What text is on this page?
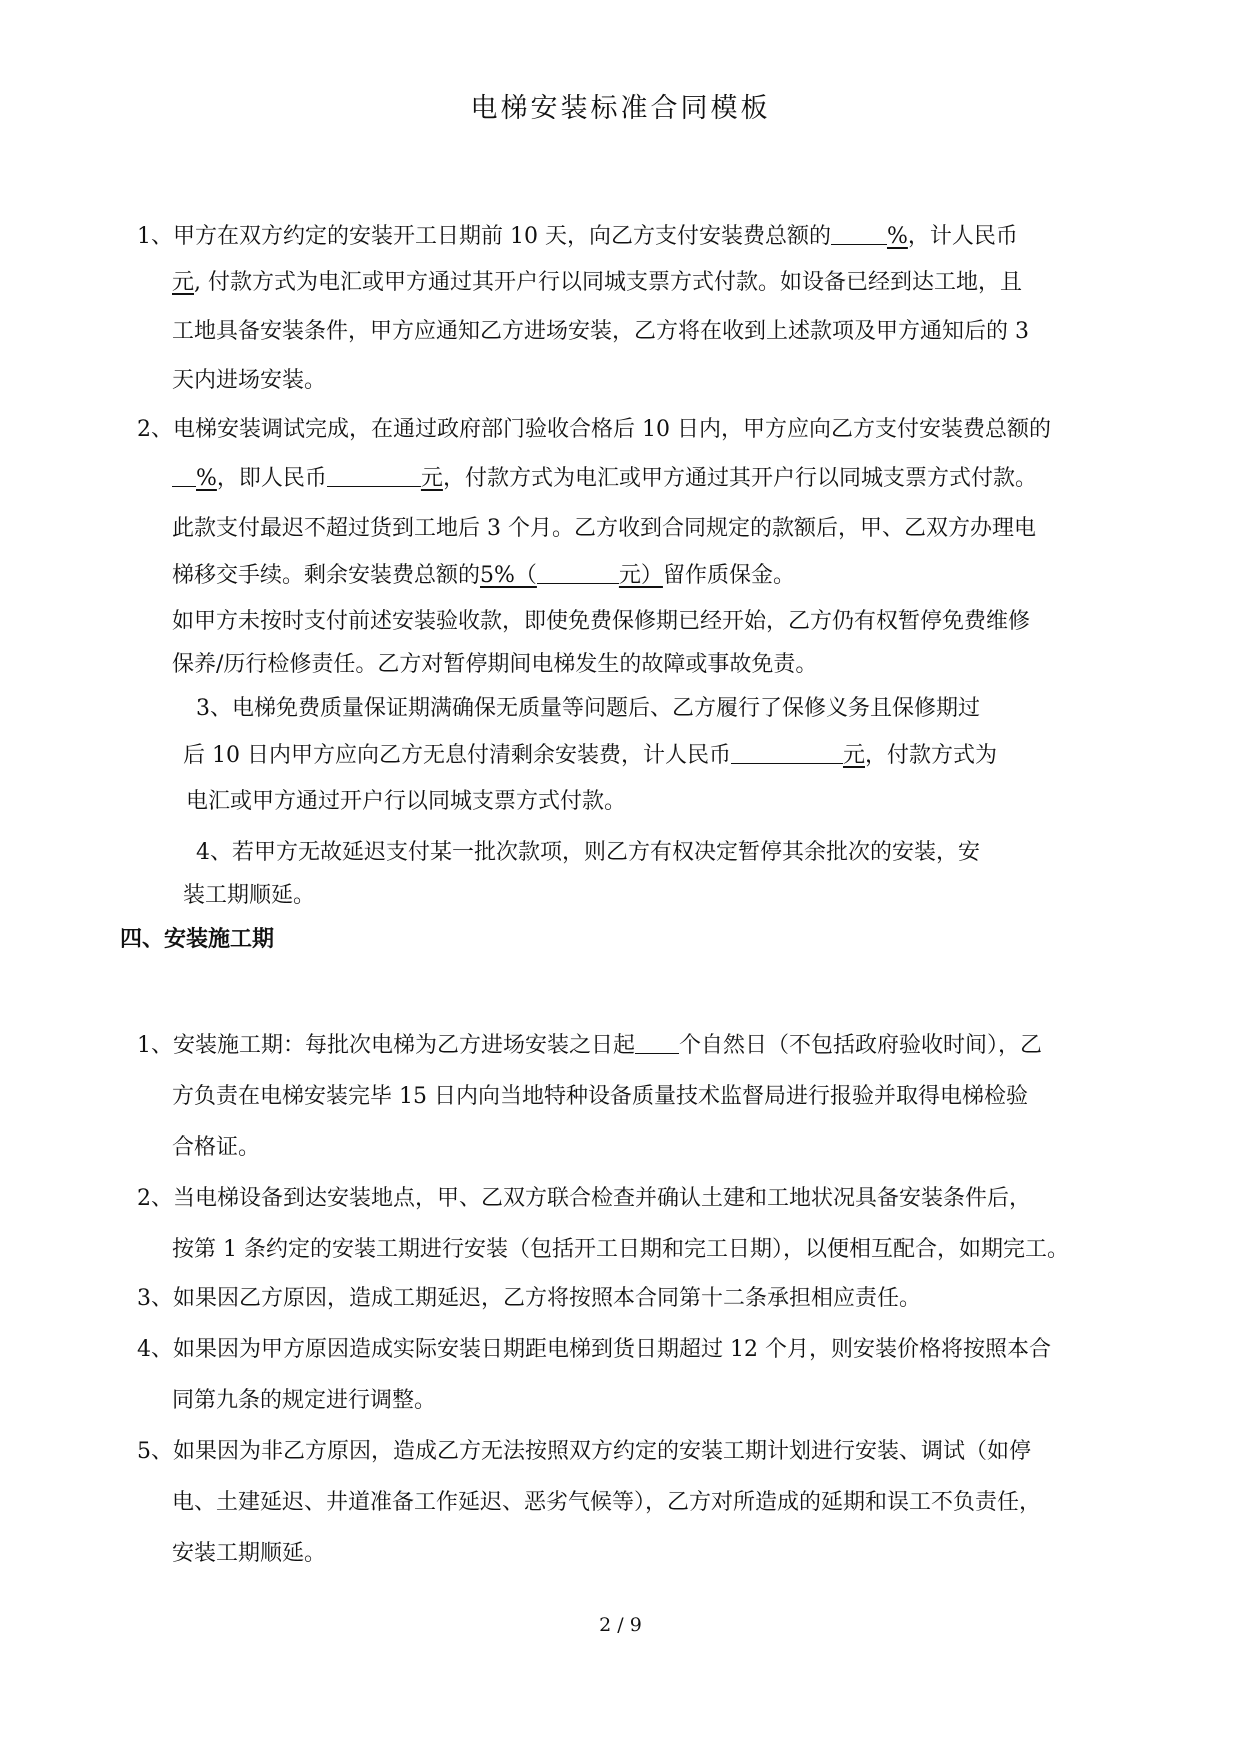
电梯安装标准合同模板
1、甲方在双方约定的安装开工日期前 10 天，向乙方支付安装费总额的	%，计人民币
元, 付款方式为电汇或甲方通过其开户行以同城支票方式付款。如设备已经到达工地，且
工地具备安装条件，甲方应通知乙方进场安装，乙方将在收到上述款项及甲方通知后的 3
天内进场安装。
2、电梯安装调试完成，在通过政府部门验收合格后 10 日内，甲方应向乙方支付安装费总额的
%，即人民币	元，付款方式为电汇或甲方通过其开户行以同城支票方式付款。
此款支付最迟不超过货到工地后 3 个月。乙方收到合同规定的款额后，甲、乙双方办理电
梯移交手续。剩余安装费总额的5%（	元）留作质保金。
如甲方未按时支付前述安装验收款，即使免费保修期已经开始，乙方仍有权暂停免费维修
保养/历行检修责任。乙方对暂停期间电梯发生的故障或事故免责。
3、电梯免费质量保证期满确保无质量等问题后、乙方履行了保修义务且保修期过
后 10 日内甲方应向乙方无息付清剩余安装费，计人民币	元，付款方式为
电汇或甲方通过开户行以同城支票方式付款。
4、若甲方无故延迟支付某一批次款项，则乙方有权决定暂停其余批次的安装，安
装工期顺延。
四、安装施工期
1、安装施工期：每批次电梯为乙方进场安装之日起 个自然日（不包括政府验收时间），乙
方负责在电梯安装完毕 15 日内向当地特种设备质量技术监督局进行报验并取得电梯检验
合格证。
2、当电梯设备到达安装地点，甲、乙双方联合检查并确认土建和工地状况具备安装条件后，
按第 1 条约定的安装工期进行安装（包括开工日期和完工日期），以便相互配合，如期完工。
3、如果因乙方原因，造成工期延迟，乙方将按照本合同第十二条承担相应责任。
4、如果因为甲方原因造成实际安装日期距电梯到货日期超过 12 个月，则安装价格将按照本合
同第九条的规定进行调整。
5、如果因为非乙方原因，造成乙方无法按照双方约定的安装工期计划进行安装、调试（如停
电、土建延迟、井道准备工作延迟、恶劣气候等），乙方对所造成的延期和误工不负责任，
安装工期顺延。
2 / 9
